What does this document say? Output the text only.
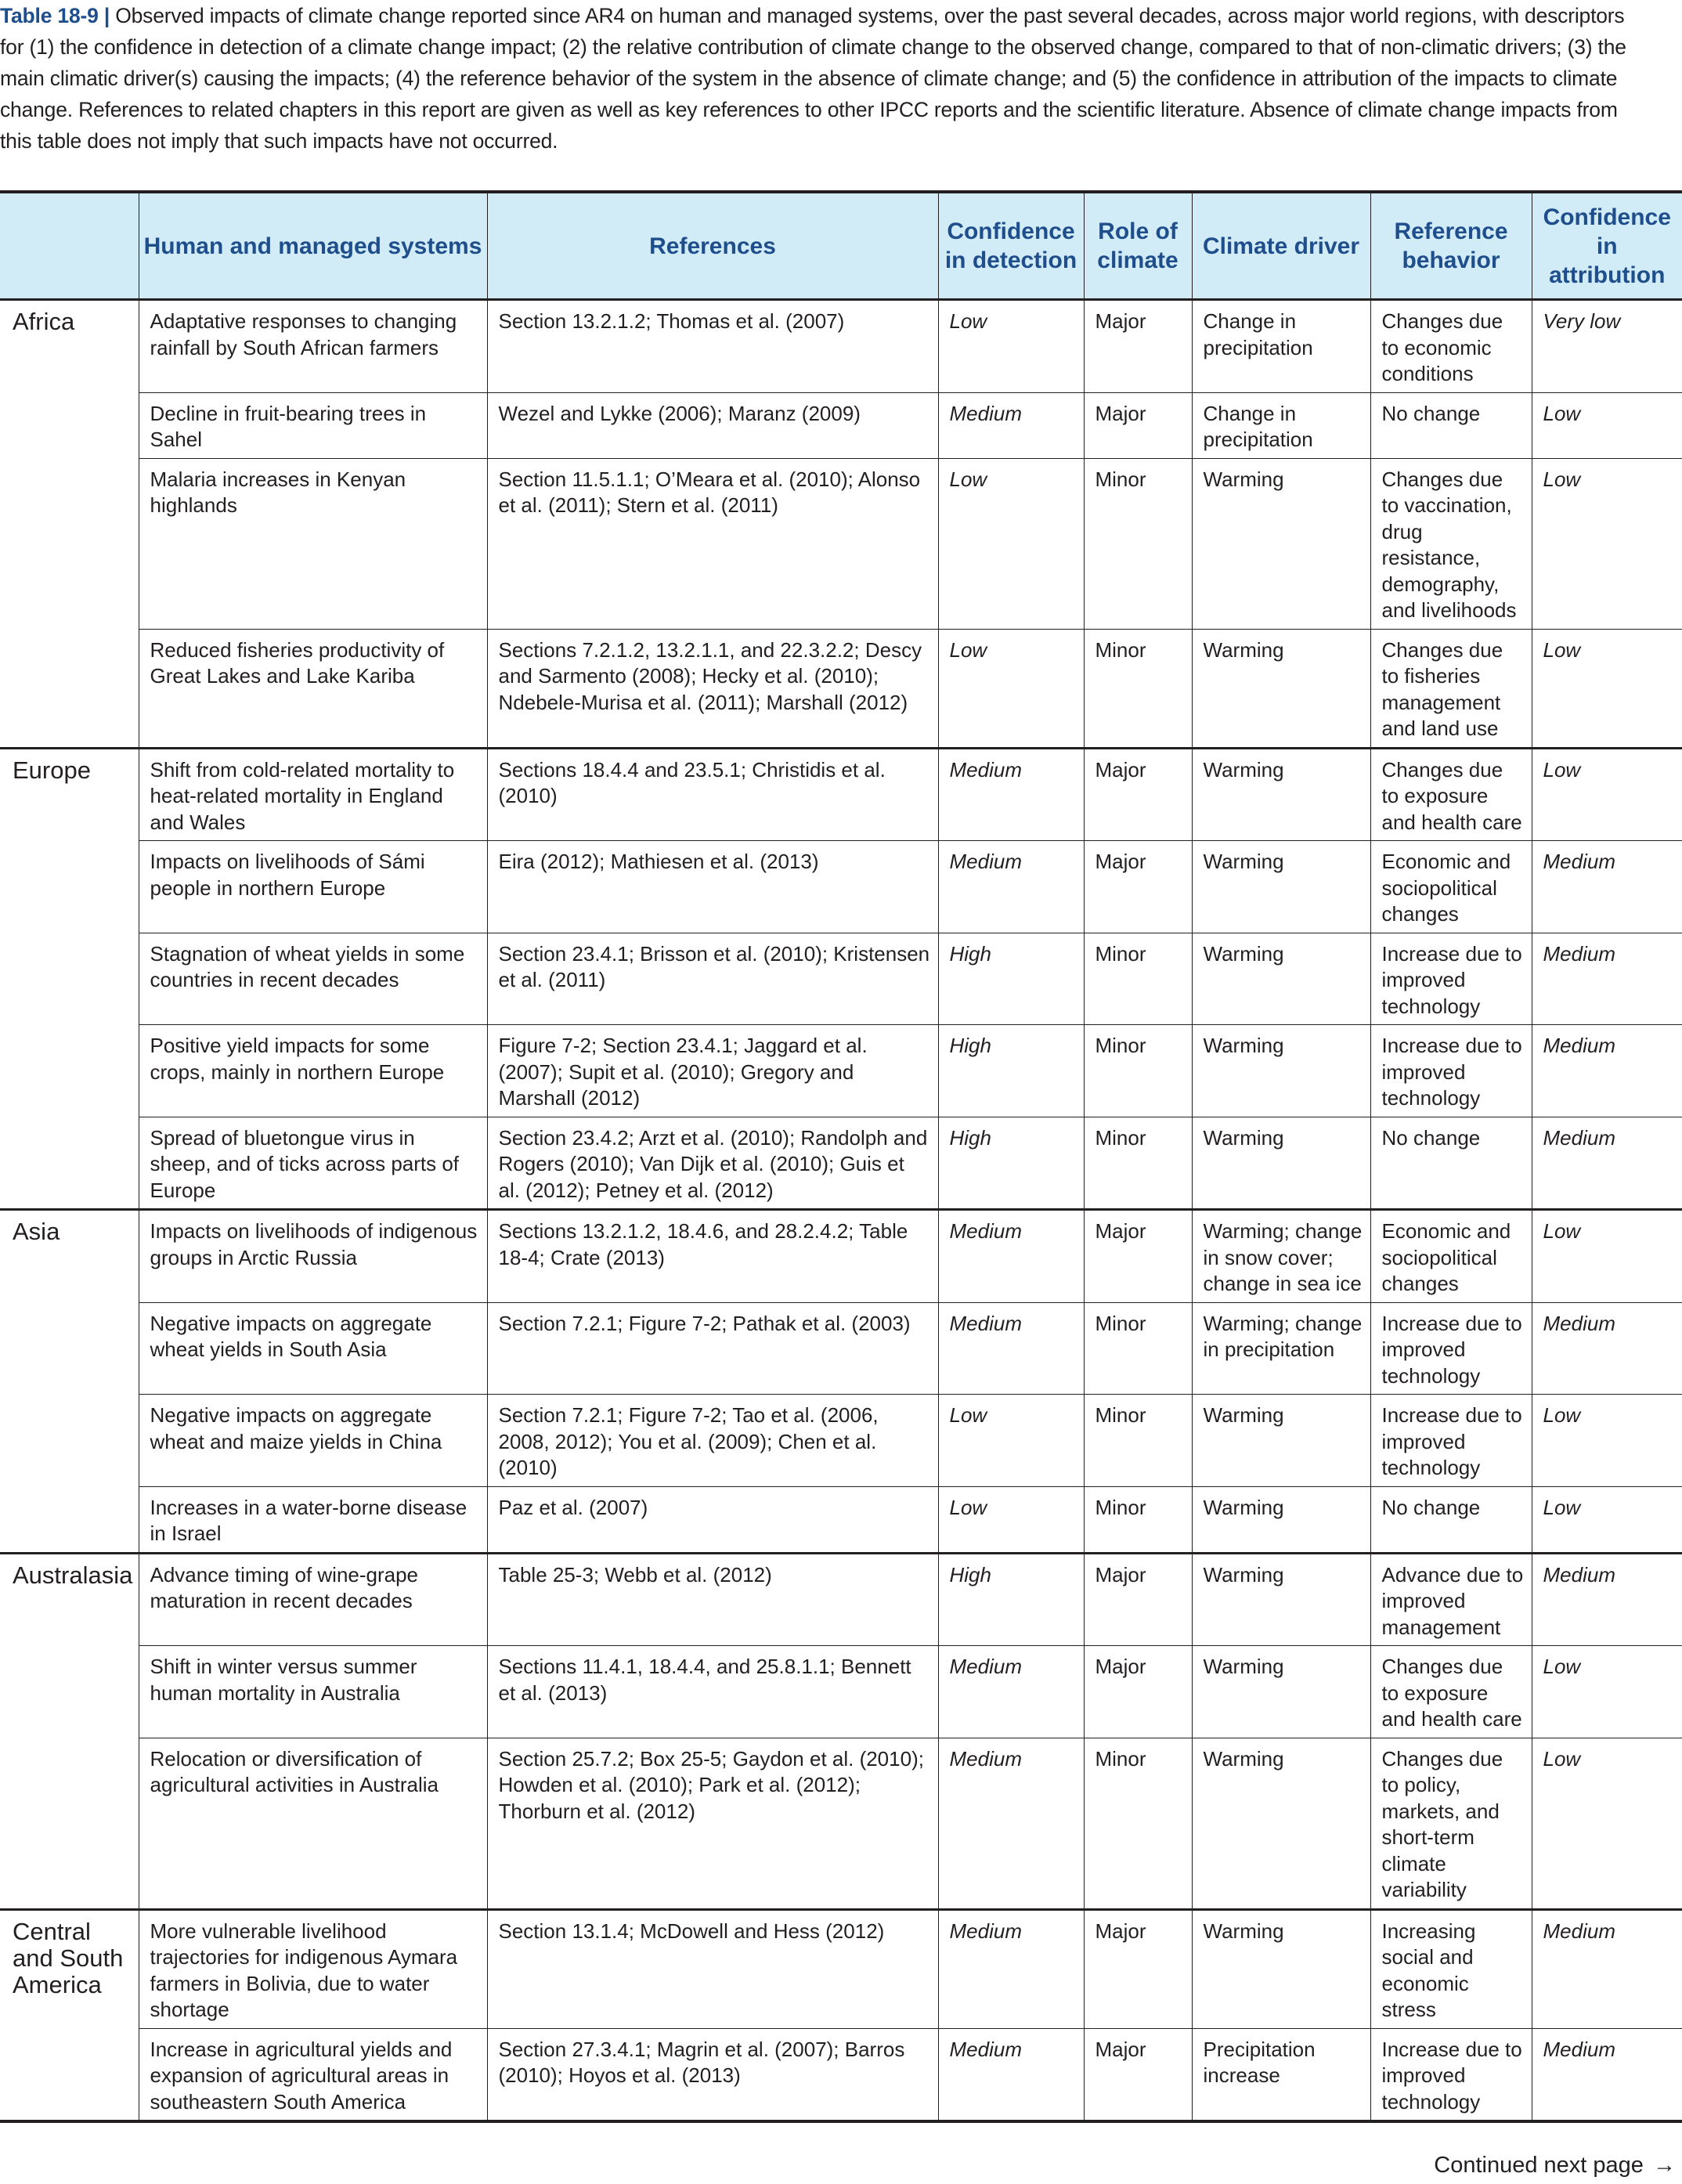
Table 18-9 | Observed impacts of climate change reported since AR4 on human and managed systems, over the past several decades, across major world regions, with descriptors for (1) the confidence in detection of a climate change impact; (2) the relative contribution of climate change to the observed change, compared to that of non-climatic drivers; (3) the main climatic driver(s) causing the impacts; (4) the reference behavior of the system in the absence of climate change; and (5) the confidence in attribution of the impacts to climate change. References to related chapters in this report are given as well as key references to other IPCC reports and the scientific literature. Absence of climate change impacts from this table does not imply that such impacts have not occurred.
	Human and managed systems	References	Confidence in detection	Role of climate	Climate driver	Reference behavior	Confidence in attribution
Africa	Adaptative responses to changing rainfall by South African farmers	Section 13.2.1.2; Thomas et al. (2007)	Low	Major	Change in precipitation	Changes due to economic conditions	Very low
	Decline in fruit-bearing trees in Sahel	Wezel and Lykke (2006); Maranz (2009)	Medium	Major	Change in precipitation	No change	Low
	Malaria increases in Kenyan highlands	Section 11.5.1.1; O’Meara et al. (2010); Alonso et al. (2011); Stern et al. (2011)	Low	Minor	Warming	Changes due to vaccination, drug resistance, demography, and livelihoods	Low
	Reduced fisheries productivity of Great Lakes and Lake Kariba	Sections 7.2.1.2, 13.2.1.1, and 22.3.2.2; Descy and Sarmento (2008); Hecky et al. (2010); Ndebele-Murisa et al. (2011); Marshall (2012)	Low	Minor	Warming	Changes due to fisheries management and land use	Low
Europe	Shift from cold-related mortality to heat-related mortality in England and Wales	Sections 18.4.4 and 23.5.1; Christidis et al. (2010)	Medium	Major	Warming	Changes due to exposure and health care	Low
	Impacts on livelihoods of Sámi people in northern Europe	Eira (2012); Mathiesen et al. (2013)	Medium	Major	Warming	Economic and sociopolitical changes	Medium
	Stagnation of wheat yields in some countries in recent decades	Section 23.4.1; Brisson et al. (2010); Kristensen et al. (2011)	High	Minor	Warming	Increase due to improved technology	Medium
	Positive yield impacts for some crops, mainly in northern Europe	Figure 7-2; Section 23.4.1; Jaggard et al. (2007); Supit et al. (2010); Gregory and Marshall (2012)	High	Minor	Warming	Increase due to improved technology	Medium
	Spread of bluetongue virus in sheep, and of ticks across parts of Europe	Section 23.4.2; Arzt et al. (2010); Randolph and Rogers (2010); Van Dijk et al. (2010); Guis et al. (2012); Petney et al. (2012)	High	Minor	Warming	No change	Medium
Asia	Impacts on livelihoods of indigenous groups in Arctic Russia	Sections 13.2.1.2, 18.4.6, and 28.2.4.2; Table 18-4; Crate (2013)	Medium	Major	Warming; change in snow cover; change in sea ice	Economic and sociopolitical changes	Low
	Negative impacts on aggregate wheat yields in South Asia	Section 7.2.1; Figure 7-2; Pathak et al. (2003)	Medium	Minor	Warming; change in precipitation	Increase due to improved technology	Medium
	Negative impacts on aggregate wheat and maize yields in China	Section 7.2.1; Figure 7-2; Tao et al. (2006, 2008, 2012); You et al. (2009); Chen et al. (2010)	Low	Minor	Warming	Increase due to improved technology	Low
	Increases in a water-borne disease in Israel	Paz et al. (2007)	Low	Minor	Warming	No change	Low
Australasia	Advance timing of wine-grape maturation in recent decades	Table 25-3; Webb et al. (2012)	High	Major	Warming	Advance due to improved management	Medium
	Shift in winter versus summer human mortality in Australia	Sections 11.4.1, 18.4.4, and 25.8.1.1; Bennett et al. (2013)	Medium	Major	Warming	Changes due to exposure and health care	Low
	Relocation or diversification of agricultural activities in Australia	Section 25.7.2; Box 25-5; Gaydon et al. (2010); Howden et al. (2010); Park et al. (2012); Thorburn et al. (2012)	Medium	Minor	Warming	Changes due to policy, markets, and short-term climate variability	Low
Central and South America	More vulnerable livelihood trajectories for indigenous Aymara farmers in Bolivia, due to water shortage	Section 13.1.4; McDowell and Hess (2012)	Medium	Major	Warming	Increasing social and economic stress	Medium
	Increase in agricultural yields and expansion of agricultural areas in southeastern South America	Section 27.3.4.1; Magrin et al. (2007); Barros (2010); Hoyos et al. (2013)	Medium	Major	Precipitation increase	Increase due to improved technology	Medium
Continued next page →
